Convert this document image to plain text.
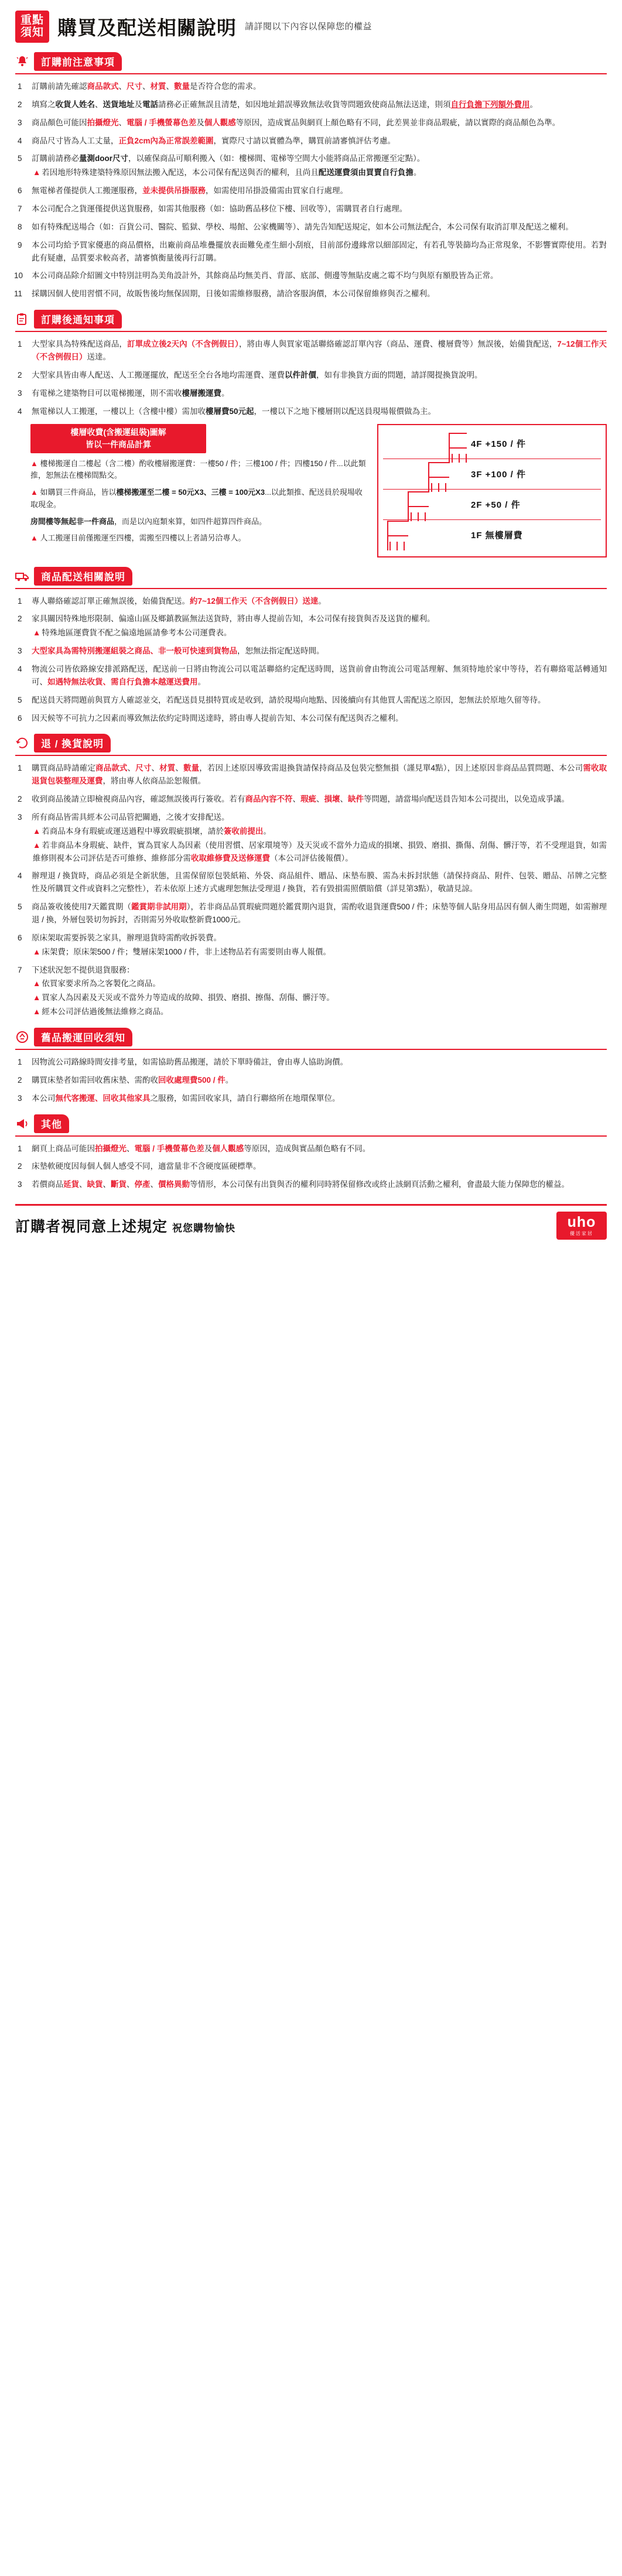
重點
須知 購買及配送相關說明 請詳閱以下內容以保障您的權益
訂購前注意事項
訂購前請先確認商品款式、尺寸、材質、數量是否符合您的需求。
填寫之收貨人姓名、送貨地址及電話請務必正確無誤且清楚，如因地址錯誤導致無法收貨等問題致使商品無法送達，則須自行負擔下列額外費用。
商品顏色可能因拍攝燈光、電腦 / 手機螢幕色差及個人觀感等原因，造成實品與網頁上顏色略有不同，此差異並非商品瑕疵，請以實際的商品顏色為準。
商品尺寸皆為人工丈量，正負2cm內為正常誤差範圍，實際尺寸請以實體為準，購買前請審慎評估考慮。
訂購前請務必量測door尺寸，以確保商品可順利搬入（如：樓梯間、電梯等空間大小能將商品正常搬運至定點）。
▲ 若因地形特殊建築特殊原因無法搬入配送，本公司保有配送與否的權利，且尚且配送運費須由買賣自行負擔。
無電梯者僅提供人工搬運服務，並未提供吊掛服務，如需使用吊掛設備需由買家自行處理。
本公司配合之貨運僅提供送貨服務，如需其他服務（如：協助舊品移位下樓、回收等），需購買者自行處理。
如有特殊配送場合（如：百貨公司、醫院、監獄、學校、場館、公家機關等）、請先告知配送規定，如本公司無法配合，本公司保有取消訂單及配送之權利。
本公司均給予買家優惠的商品價格，出廠前商品堆疊擺放表面難免產生細小刮痕，目前部份邊緣常以細部固定，有若孔等裝篩均為正常現象，不影響實際使用。若對此有疑慮，品質要求較高者，請審慎衡量後再行訂購。
本公司商品除介紹圖文中特別註明為美角設計外，其餘商品均無美肖、背部、底部、側邊等無貼皮處之霉不均勻與原有額股皆為正常。
採購因個人使用習慣不同，故販售後均無保固期，日後如需維修服務，請洽客服詢價，本公司保留維修與否之權利。
訂購後通知事項
大型家具為特殊配送商品，訂單成立後2天內（不含例假日），將由專人與買家電話聯絡確認訂單內容（商品、運費、樓層費等）無誤後，始備貨配送，7~12個工作天（不含例假日）送達。
大型家具皆由專人配送、人工搬運擺放，配送至全台各地均需運費、運費以件計價，如有非換貨方面的問題，請詳閱提換貨說明。
有電梯之建築物目可以電梯搬運，則不需收樓層搬運費。
無電梯以人工搬運，一樓以上（含樓中樓）需加收樓層費50元起，一樓以下之地下樓層則以配送員現場報價做為主。
樓層收費(含搬運組裝)圖解
皆以一件商品計算
▲ 樓梯搬運自二樓起（含二樓）酌收樓層搬運費：一樓50 / 件；三樓100 / 件；四樓150 / 件...以此類推，恕無法在樓梯間點交。
▲ 如購買三件商品，皆以樓梯搬運至二樓 = 50元X3、三樓 = 100元X3...以此類推、配送員於現場收取現金。
房間樓等無起非一件商品，而是以內庭類來算，如四件超算四件商品。
▲ 人工搬運目前僅搬運至四樓，需搬至四樓以上者請另洽專人。
4F +150 / 件
3F +100 / 件
2F +50 / 件
1F 無樓層費
商品配送相關說明
專人聯絡確認訂單正確無誤後，始備貨配送。約7~12個工作天（不含例假日）送達。
家具關因特殊地形限制、偏遠山區及鄉鎮教區無法送貨時，將由專人提前告知，本公司保有接貨與否及送貨的權利。
▲ 特殊地區運費貨不配之偏遠地區請參考本公司運費表。
大型家具為需特別搬運組裝之商品、非一般可快速到貨物品，恕無法指定配送時間。
物流公司皆依路線安排派路配送，配送前一日將由物流公司以電話聯絡約定配送時間，送貨前會由物流公司電話理解、無須特地於家中等待，若有聯絡電話轉通知可、如遇特無法收貨、需自行負擔本越運送費用。
配送員天將問題前與買方人確認並交，若配送員見損特買或是收到，請於現場向地點、因後續向有其他買人需配送之原因，恕無法於原地久留等待。
因天候等不可抗力之因素而導致無法依約定時間送達時，將由專人提前告知、本公司保有配送與否之權利。
退 / 換貨說明
購買商品時請確定商品款式、尺寸、材質、數量，若因上述原因導致需退換貨請保持商品及包裝完整無損（謹見單4點），因上述原因非商品品質問題、本公司需收取退貨包裝整理及運費，將由專人依商品訟恕報價。
收到商品後請立即檢視商品內容，確認無誤後再行簽收。若有商品內容不符、瑕疵、損壞、缺件等問題，請當場向配送員告知本公司提出，以免造成爭議。
所有商品皆需具經本公司品管把關過，之後才安排配送。
▲ 若商品本身有瑕疵或運送過程中導致瑕疵損壞，請於簽收前提出。
▲ 若非商品本身瑕疵、缺件，實為買家人為因素（使用習慣、居家環境等）及天災或不當外力造成的損壞、損毀、磨損、撕傷、刮傷、髒汙等，若不受理退貨，如需維修則視本公司評估是否可維修、維修部分需收取維修費及送修運費（本公司評估後報價）。
辦理退 / 換貨時，商品必須是全新狀態，且需保留原包裝紙箱、外袋、商品組件、贈品、床墊布膜、需為未拆封狀態（請保持商品、附件、包裝、贈品、吊牌之完整性及所購買文件或資料之完整性），若未依原上述方式處理恕無法受理退 / 換貨，若有毀損需照價賠償（詳見第3點），敬請見諒。
商品簽收後使用7天鑑賞期（鑑賞期非試用期），若非商品品質瑕疵問題於鑑賞期內退貨，需酌收退貨運費500 / 件；床墊等個人貼身用品因有個人衛生問題，如需辦理退 / 換，外層包裝切勿拆封，否則需另外收取整新費1000元。
原床架取需要拆裝之家具，辦理退貨時需酌收拆裝費。
▲ 床架費；原床架500 / 件；雙層床架1000 / 件，非上述物品若有需要則由專人報價。
下述狀況恕不提供退貨服務：
▲ 依買家要求所為之客製化之商品。
▲ 買家人為因素及天災或不當外力等造成的故障、損毀、磨損、擦傷、刮傷、髒汙等。
▲ 經本公司評估過後無法維修之商品。
舊品搬運回收須知
因物流公司路線時間安排考量，如需協助舊品搬運，請於下單時備註，會由專人協助詢價。
購買床墊者如需回收舊床墊、需酌收回收處理費500 / 件。
本公司無代客搬運、回收其他家具之服務，如需回收家具，請自行聯絡所在地環保單位。
其他
網頁上商品可能因拍攝燈光、電腦 / 手機螢幕色差及個人觀感等原因，造成與實品顏色略有不同。
床墊軟硬度因每個人個人感受不同，適當量非不含硬度區硬標準。
若價商品延貨、缺貨、斷貨、停產、價格異動等情形，本公司保有出貨與否的權利同時將保留修改或終止該網頁活動之權利，會盡最大能力保障您的權益。
訂購者視同意上述規定 祝您購物愉快	uho
優活家居
